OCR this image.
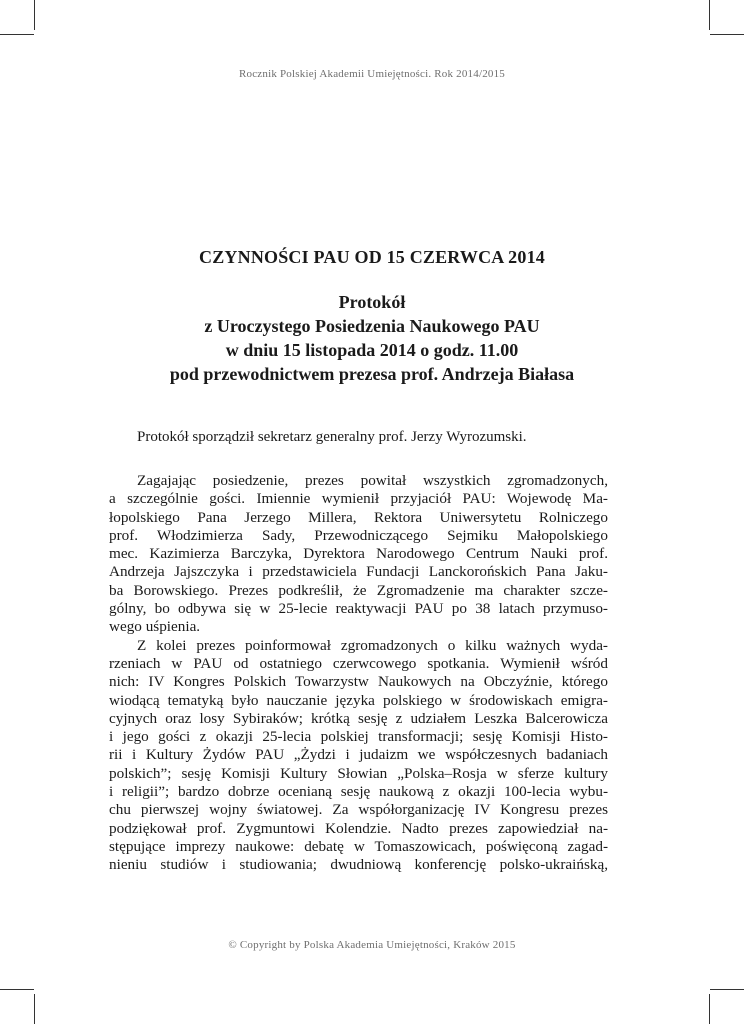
Rocznik Polskiej Akademii Umiejętności. Rok 2014/2015
CZYNNOŚCI PAU OD 15 CZERWCA 2014
Protokół
z Uroczystego Posiedzenia Naukowego PAU
w dniu 15 listopada 2014 o godz. 11.00
pod przewodnictwem prezesa prof. Andrzeja Białasa
Protokół sporządził sekretarz generalny prof. Jerzy Wyrozumski.
Zagajając posiedzenie, prezes powitał wszystkich zgromadzonych,
a szczególnie gości. Imiennie wymienił przyjaciół PAU: Wojewodę Ma-
łopolskiego Pana Jerzego Millera, Rektora Uniwersytetu Rolniczego
prof. Włodzimierza Sady, Przewodniczącego Sejmiku Małopolskiego
mec. Kazimierza Barczyka, Dyrektora Narodowego Centrum Nauki prof.
Andrzeja Jajszczyka i przedstawiciela Fundacji Lanckorońskich Pana Jaku-
ba Borowskiego. Prezes podkreślił, że Zgromadzenie ma charakter szcze-
gólny, bo odbywa się w 25-lecie reaktywacji PAU po 38 latach przymuso-
wego uśpienia.
Z kolei prezes poinformował zgromadzonych o kilku ważnych wyda-
rzeniach w PAU od ostatniego czerwcowego spotkania. Wymienił wśród
nich: IV Kongres Polskich Towarzystw Naukowych na Obczyźnie, którego
wiodącą tematyką było nauczanie języka polskiego w środowiskach emigra-
cyjnych oraz losy Sybiraków; krótką sesję z udziałem Leszka Balcerowicza
i jego gości z okazji 25-lecia polskiej transformacji; sesję Komisji Histo-
rii i Kultury Żydów PAU „Żydzi i judaizm we współczesnych badaniach
polskich”; sesję Komisji Kultury Słowian „Polska–Rosja w sferze kultury
i religii”; bardzo dobrze ocenianą sesję naukową z okazji 100-lecia wybu-
chu pierwszej wojny światowej. Za współorganizację IV Kongresu prezes
podziękował prof. Zygmuntowi Kolendzie. Nadto prezes zapowiedział na-
stępujące imprezy naukowe: debatę w Tomaszowicach, poświęconą zagad-
nieniu studiów i studiowania; dwudniową konferencję polsko-ukraińską,
© Copyright by Polska Akademia Umiejętności, Kraków 2015
